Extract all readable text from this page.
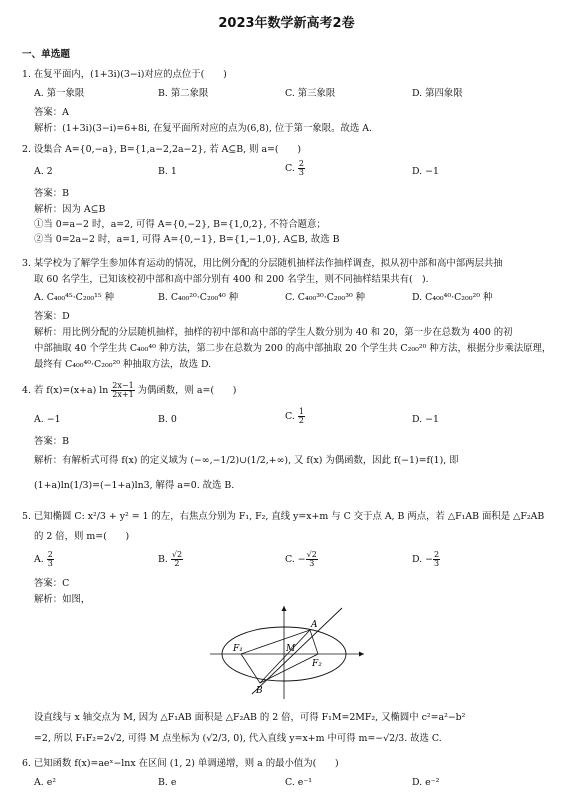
2023年数学新高考2卷
一、单选题
1. 在复平面内，(1+3i)(3−i)对应的点位于(　　)
A. 第一象限	B. 第二象限	C. 第三象限	D. 第四象限
答案：A
解析：(1+3i)(3−i)=6+8i, 在复平面所对应的点为(6,8), 位于第一象限。故选 A.
2. 设集合 A={0,−a}, B={1,a−2,2a−2}, 若 A⊆B, 则 a=(　　)
A. 2	B. 1	C. $\frac{2}{3}$	D. −1
答案：B
解析：因为 A⊆B
①当 0=a−2 时，a=2, 可得 A={0,−2}, B={1,0,2}, 不符合题意；
②当 0=2a−2 时，a=1, 可得 A={0,−1}, B={1,−1,0}, A⊆B, 故选 B
3. 某学校为了解学生参加体育运动的情况，用比例分配的分层随机抽样法作抽样调查，拟从初中部和高中部两层共抽
取 60 名学生，已知该校初中部和高中部分别有 400 和 200 名学生，则不同抽样结果共有(　).　
A. C₄₀₀⁴⁵·C₂₀₀¹⁵ 种	B. C₄₀₀²⁰·C₂₀₀⁴⁰ 种	C. C₄₀₀³⁰·C₂₀₀³⁰ 种	D. C₄₀₀⁴⁰·C₂₀₀²⁰ 种
答案：D
解析：用比例分配的分层随机抽样，抽样的初中部和高中部的学生人数分别为 40 和 20，第一步在总数为 400 的初
中部抽取 40 个学生共 C₄₀₀⁴⁰ 种方法，第二步在总数为 200 的高中部抽取 20 个学生共 C₂₀₀²⁰ 种方法，根据分步乘法原理，
最终有 C₄₀₀⁴⁰·C₂₀₀²⁰ 种抽取方法，故选 D.
4. 若 f(x)=(x+a) $\ln \frac{2x-1}{2x+1}$ 为偶函数，则 a=(　　)
A. −1	B. 0	C. $\frac{1}{2}$	D. −1
答案：B
解析：有解析式可得 f(x) 的定义域为 (−∞,−1/2)∪(1/2,+∞), 又 f(x) 为偶函数，因此 f(−1)=f(1), 即
(1+a)ln(1/3)=(−1+a)ln3, 解得 a=0. 故选 B.
5. 已知椭圆 C: x²/3 + y² = 1 的左，右焦点分别为 F₁, F₂, 直线 y=x+m 与 C 交于点 A, B 两点，若 △F₁AB 面积是 △F₂AB
的 2 倍，则 m=(　　)
A. $\frac{2}{3}$	B. $\frac{√2}{2}$	C. − $\frac{√2}{3}$	D. − $\frac{2}{3}$
答案：C
解析：如图，
A
B
F₁
F₂
M
设直线与 x 轴交点为 M, 因为 △F₁AB 面积是 △F₂AB 的 2 倍，可得 F₁M=2MF₂, 又椭圆中 c²=a²−b²
=2, 所以 F₁F₂=2√2, 可得 M 点坐标为 (√2/3, 0), 代入直线 y=x+m 中可得 m=−√2/3. 故选 C.
6. 已知函数 f(x)=aeˣ−lnx 在区间 (1, 2) 单调递增，则 a 的最小值为(　　)
A. e²	B. e	C. e⁻¹	D. e⁻²
